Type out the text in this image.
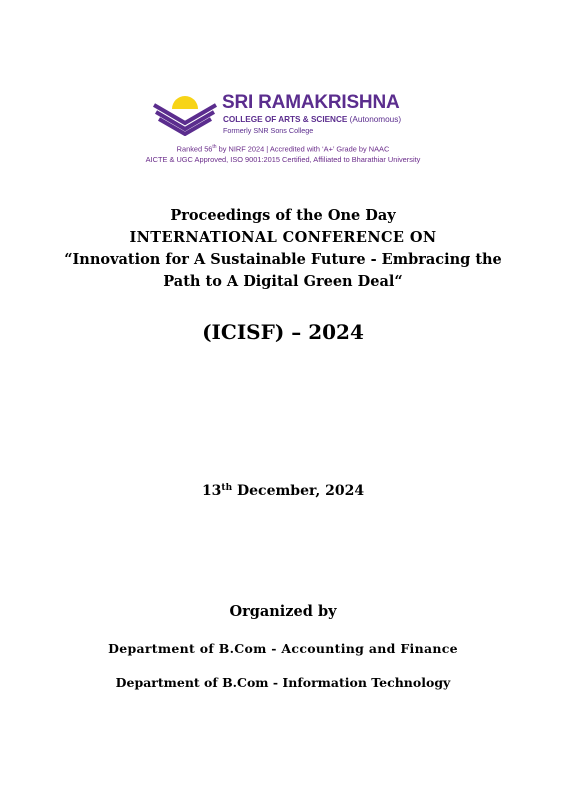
SRI RAMAKRISHNA
COLLEGE OF ARTS & SCIENCE (Autonomous)
Formerly SNR Sons College
Ranked 56th by NIRF 2024 | Accredited with ‘A+’ Grade by NAAC
AICTE & UGC Approved, ISO 9001:2015 Certified, Affiliated to Bharathiar University
Proceedings of the One Day
INTERNATIONAL CONFERENCE ON
“Innovation for A Sustainable Future - Embracing the
Path to A Digital Green Deal“
(ICISF) – 2024
13th December, 2024
Organized by
Department of B.Com - Accounting and Finance
Department of B.Com - Information Technology
